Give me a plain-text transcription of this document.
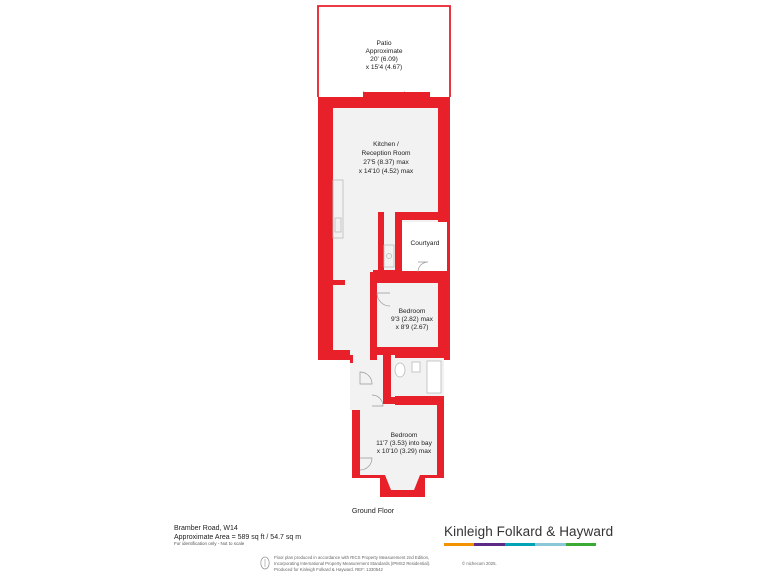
Patio Approximate 20' (6.09) x 15'4 (4.67)
Kitchen / Reception Room 27'5 (8.37) max x 14'10 (4.52) max
Courtyard
Bedroom 9'3 (2.82) max x 8'9 (2.67)
Bedroom 11'7 (3.53) into bay x 10'10 (3.29) max
Ground Floor
Bramber Road, W14
Approximate Area = 589 sq ft / 54.7 sq m
For identification only - Not to scale
Kinleigh Folkard & Hayward
Floor plan produced in accordance with RICS Property Measurement 2nd Edition,
Incorporating International Property Measurement Standards (IPMS2 Residential).
Produced for Kinleigh Folkard & Hayward. REF: 1330542
© nichecom 2025.
